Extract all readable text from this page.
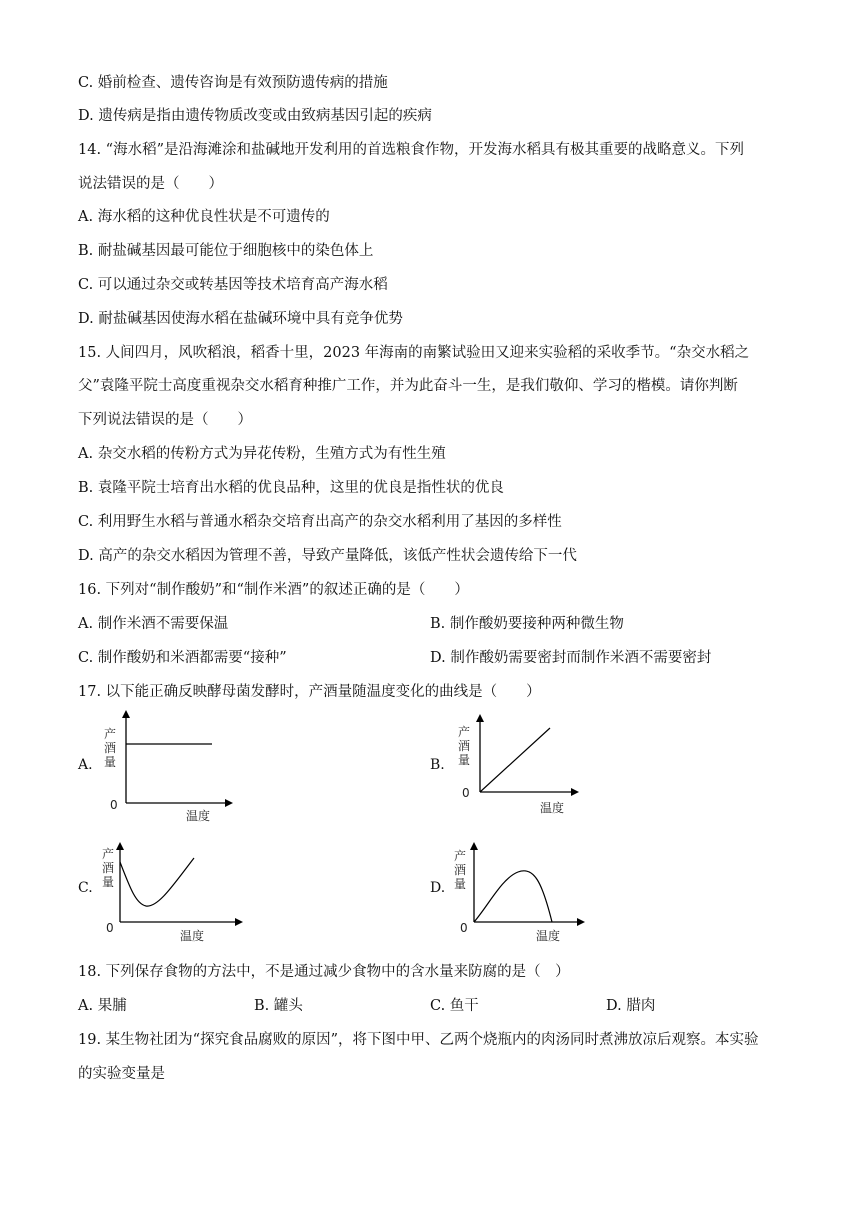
C. 婚前检查、遗传咨询是有效预防遗传病的措施
D. 遗传病是指由遗传物质改变或由致病基因引起的疾病
14. “海水稻”是沿海滩涂和盐碱地开发利用的首选粮食作物，开发海水稻具有极其重要的战略意义。下列
说法错误的是（　　）
A. 海水稻的这种优良性状是不可遗传的
B. 耐盐碱基因最可能位于细胞核中的染色体上
C. 可以通过杂交或转基因等技术培育高产海水稻
D. 耐盐碱基因使海水稻在盐碱环境中具有竞争优势
15. 人间四月，风吹稻浪，稻香十里，2023 年海南的南繁试验田又迎来实验稻的采收季节。“杂交水稻之
父”袁隆平院士高度重视杂交水稻育种推广工作，并为此奋斗一生，是我们敬仰、学习的楷模。请你判断
下列说法错误的是（　　）
A. 杂交水稻的传粉方式为异花传粉，生殖方式为有性生殖
B. 袁隆平院士培育出水稻的优良品种，这里的优良是指性状的优良
C. 利用野生水稻与普通水稻杂交培育出高产的杂交水稻利用了基因的多样性
D. 高产的杂交水稻因为管理不善，导致产量降低，该低产性状会遗传给下一代
16. 下列对“制作酸奶”和“制作米酒”的叙述正确的是（　　）
A. 制作米酒不需要保温	B. 制作酸奶要接种两种微生物
C. 制作酸奶和米酒都需要“接种”	D. 制作酸奶需要密封而制作米酒不需要密封
17. 以下能正确反映酵母菌发酵时，产酒量随温度变化的曲线是（　　）
A.	B.
C.	D.
产
酒
量
0
温度
产
酒
量
0
温度
产
酒
量
0
温度
产
酒
量
0
温度
18. 下列保存食物的方法中，不是通过减少食物中的含水量来防腐的是（　）
A. 果脯	B. 罐头	C. 鱼干	D. 腊肉
19. 某生物社团为“探究食品腐败的原因”，将下图中甲、乙两个烧瓶内的肉汤同时煮沸放凉后观察。本实验
的实验变量是
